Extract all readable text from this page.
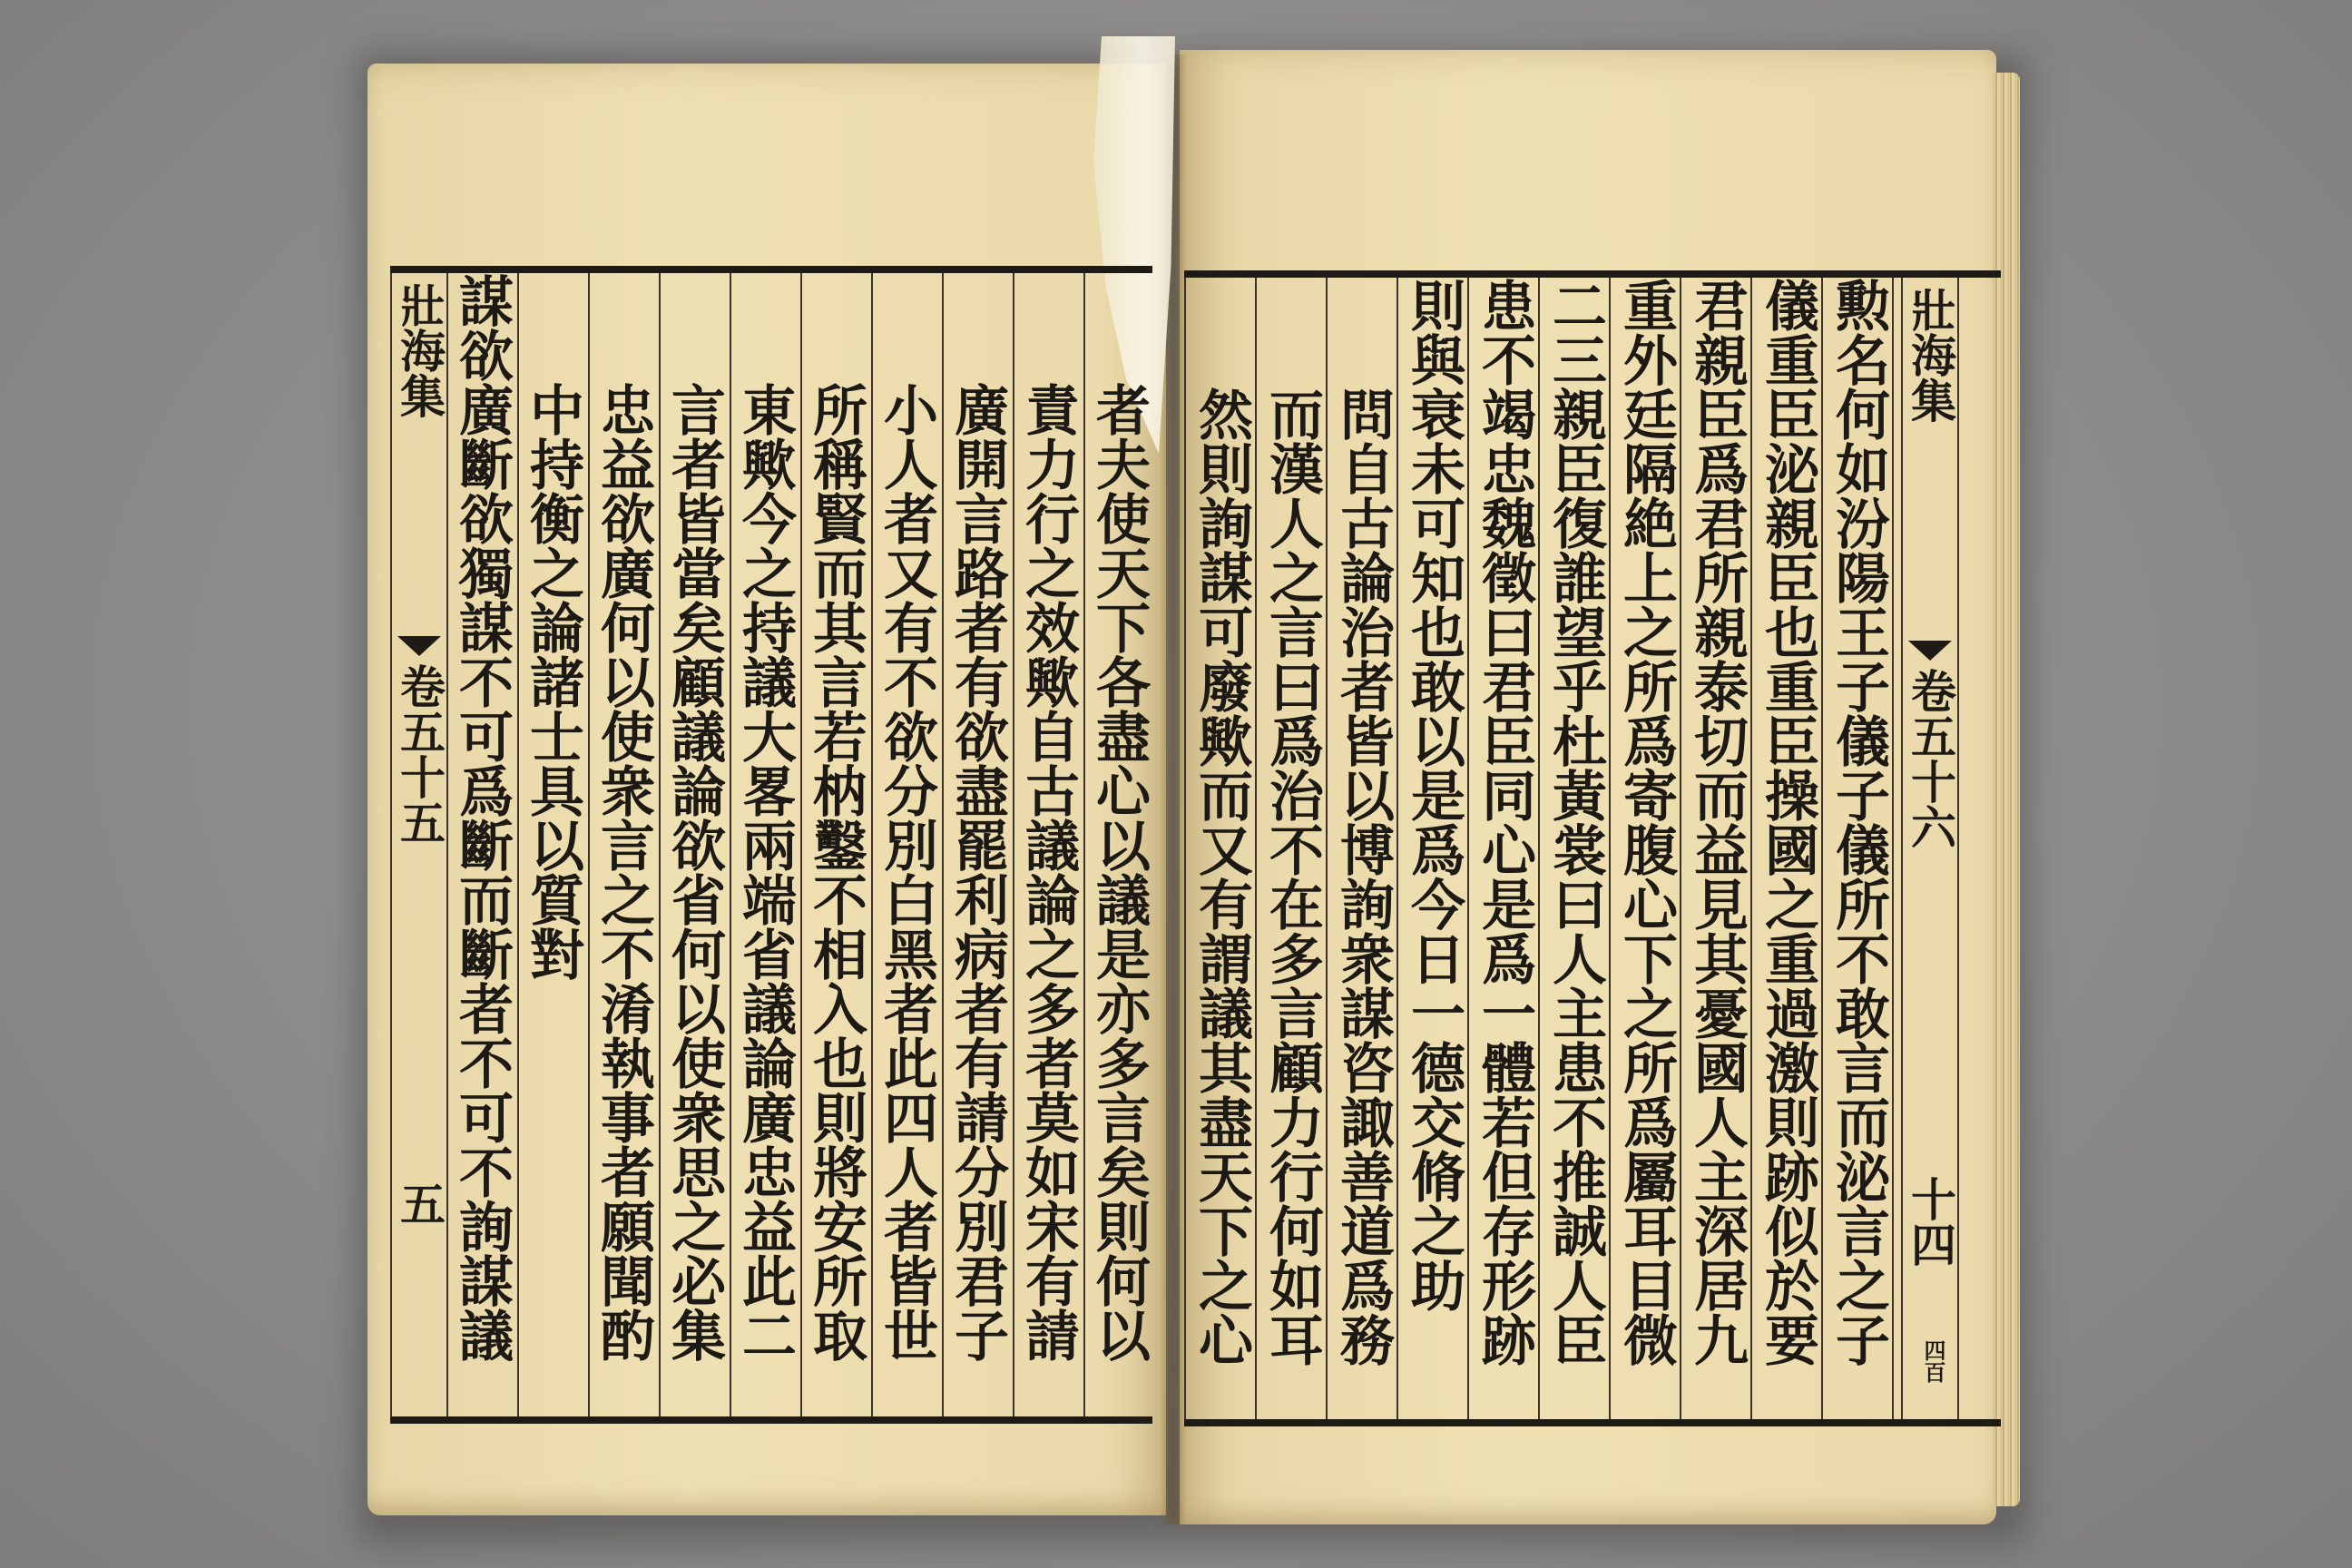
壯海集
卷五十五
五 謀欲廣斷欲獨謀不可爲斷而斷者不可不詢謀議 中持衡之論諸士具以質對 忠益欲廣何以使衆言之不淆執事者願聞酌 言者皆當矣顧議論欲省何以使衆思之必集 東歟今之持議大畧兩端省議論廣忠益此二 所稱賢而其言若枘鑿不相入也則將安所取 小人者又有不欲分別白黑者此四人者皆世 廣開言路者有欲盡罷利病者有請分別君子 責力行之效歟自古議論之多者莫如宋有請 者夫使天下各盡心以議是亦多言矣則何以 然則詢謀可廢歟而又有謂議其盡天下之心 而漢人之言曰爲治不在多言顧力行何如耳 問自古論治者皆以博詢衆謀咨諏善道爲務 則與衰未可知也敢以是爲今日一德交脩之助 患不竭忠魏徵曰君臣同心是爲一體若但存形跡 二三親臣復誰望乎杜黃裳曰人主患不推誠人臣 重外廷隔絶上之所爲寄腹心下之所爲屬耳目微 君親臣爲君所親泰切而益見其憂國人主深居九 儀重臣泌親臣也重臣操國之重過激則跡似於要 勲名何如汾陽王子儀子儀所不敢言而泌言之子 壯海集
卷五十六
十四
四百
